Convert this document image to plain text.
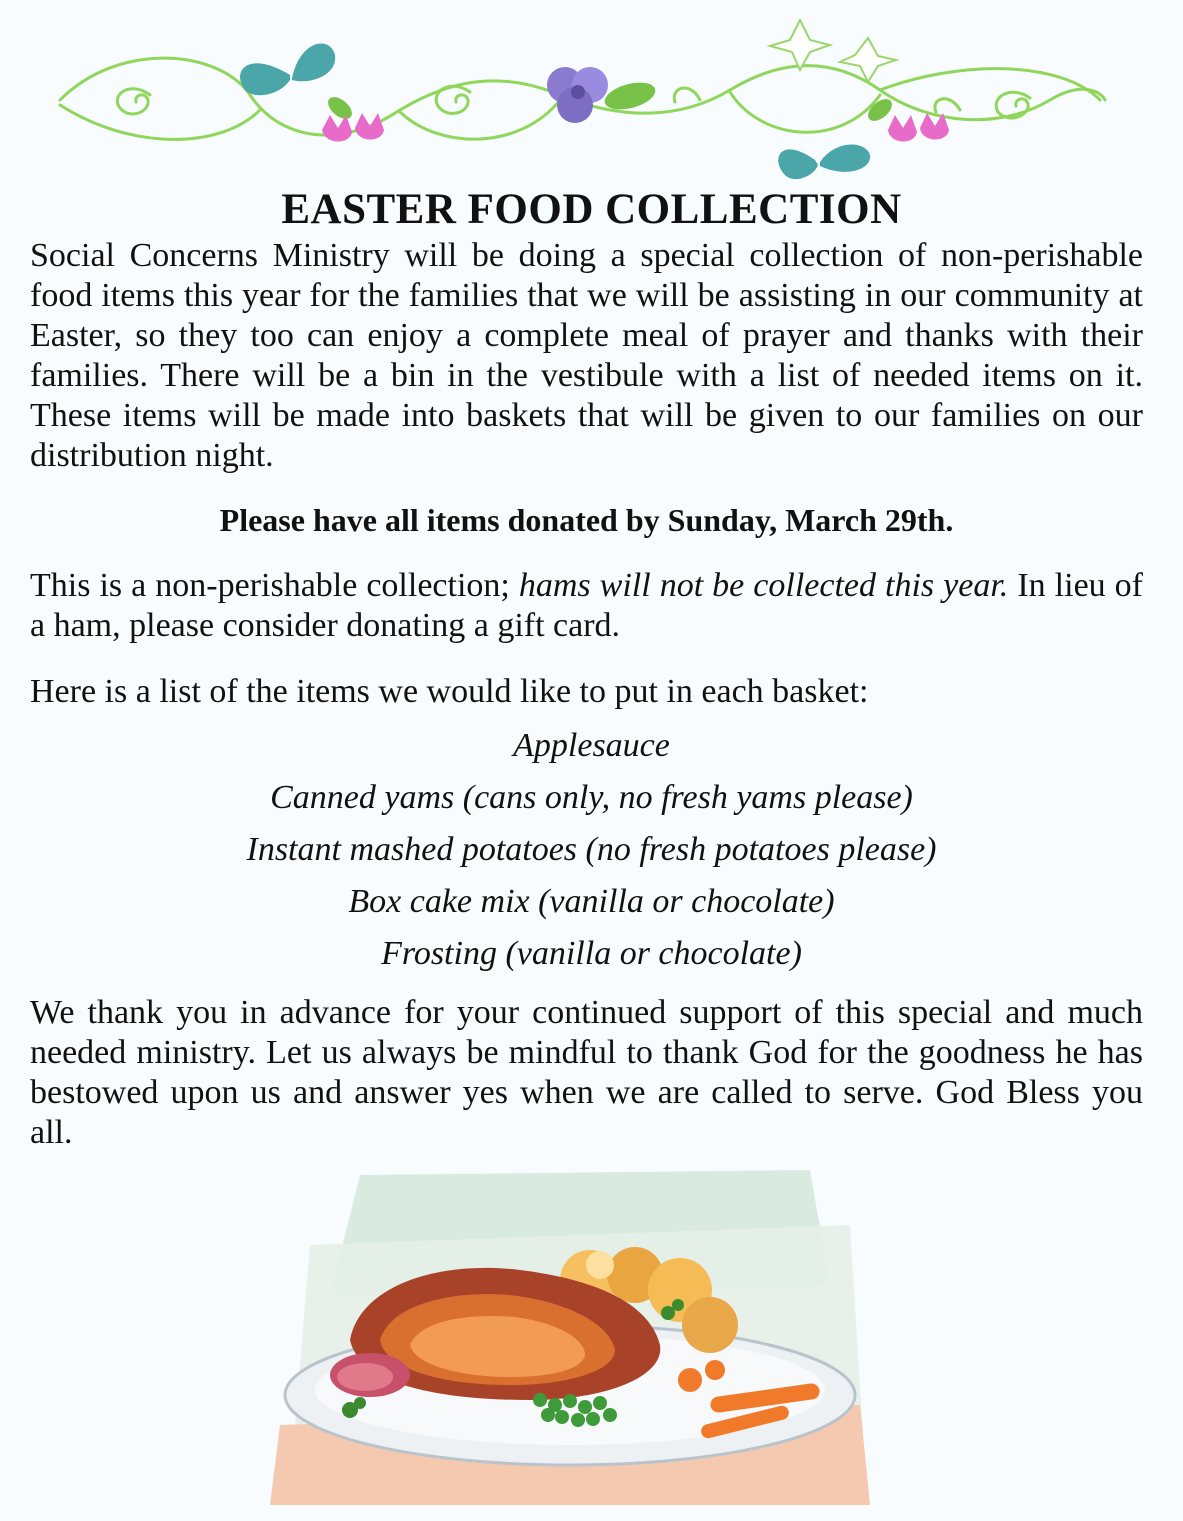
EASTER FOOD COLLECTION

Social Concerns Ministry will be doing a special collection of non-perishable food items this year for the families that we will be assisting in our community at Easter, so they too can enjoy a complete meal of prayer and thanks with their families. There will be a bin in the vestibule with a list of needed items on it. These items will be made into baskets that will be given to our families on our distribution night.

Please have all items donated by Sunday, March 29th.

This is a non-perishable collection; hams will not be collected this year. In lieu of a ham, please consider donating a gift card.

Here is a list of the items we would like to put in each basket:

Applesauce
Canned yams (cans only, no fresh yams please)
Instant mashed potatoes (no fresh potatoes please)
Box cake mix (vanilla or chocolate)
Frosting (vanilla or chocolate)

We thank you in advance for your continued support of this special and much needed ministry. Let us always be mindful to thank God for the goodness he has bestowed upon us and answer yes when we are called to serve. God Bless you all.
